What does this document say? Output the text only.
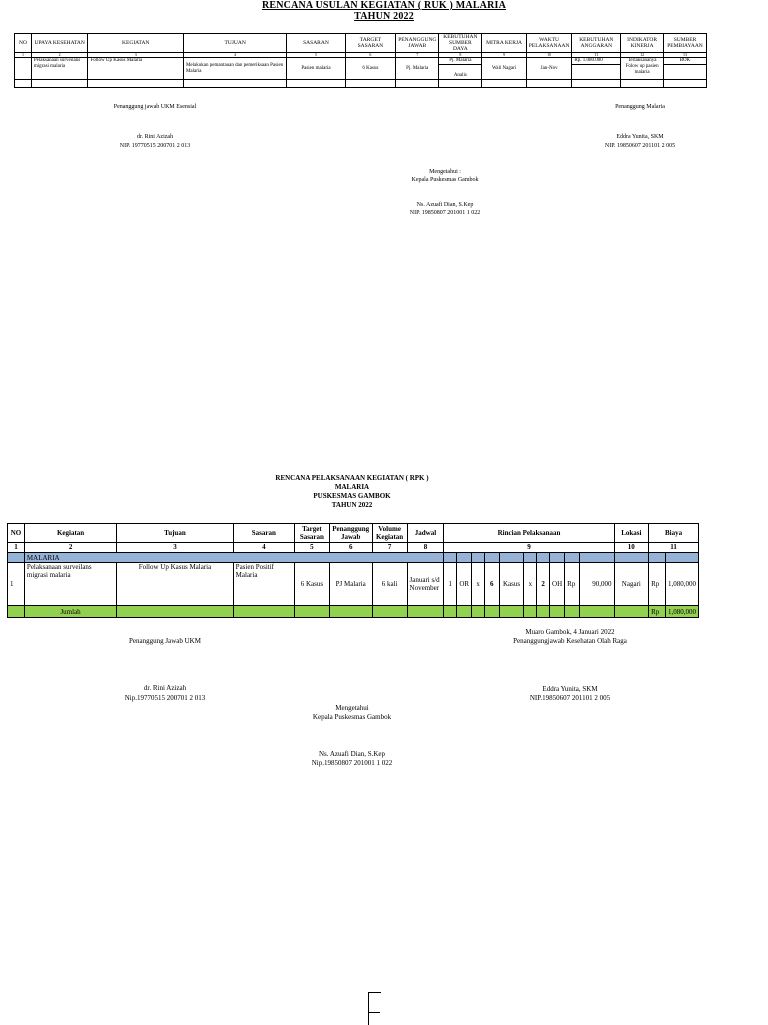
RENCANA USULAN KEGIATAN ( RUK ) MALARIA
TAHUN 2022
NO	UPAYA KESEHATAN	KEGIATAN	TUJUAN	SASARAN	TARGET SASARAN	PENANGGUNG JAWAB	KEBUTUHAN SUMBER DAYA	MITRA KERJA	WAKTU PELAKSANAAN	KEBUTUHAN ANGGARAN	INDIKATOR KINERJA	SUMBER PEMBIAYAAN
1	2	3	4	5	6	7	8	9	10	11	12	13
	Pelaksanaan surveilans migrasi malaria	Follow Up Kasus Malaria	Melakukan pemantauan dan pemeriksaan Pasien Malaria	Pasien malaria	6 Kasus	Pj. Malaria	Pj. Malaria	Wali Nagari	Jan-Nov	Rp. 1.080.000	Terlaksananya Folow up pasien malaria	BOK
							Analis					

Penanggung jawab UKM Esensial
dr. Rini Azizah
NIP. 19770515 200701 2 013
Penanggung Malaria
Eddra Yunita, SKM
NIP. 19850607 201101 2 005
Mengetahui :
Kepala Puskesmas Gambok
Ns. Azuafi Dian, S.Kep
NIP. 19850807 201001 1 022
RENCANA PELAKSANAAN KEGIATAN ( RPK )
MALARIA
PUSKESMAS GAMBOK
TAHUN 2022
NO	Kegiatan	Tujuan	Sasaran	Target Sasaran	Penanggung Jawab	Volume Kegiatan	Jadwal	Rincian Pelaksanaan										Lokasi	Biaya	
1	2	3	4	5	6	7	8	9										10	11	
	MALARIA																			
1	Pelaksanaan surveilans migrasi malaria	Follow Up Kasus Malaria	Pasien Positif Malaria	6 Kasus	PJ Malaria	6 kali	Januari s/d November	1	OR	x	6	Kasus	x	2	OH	Rp	90,000	Nagari	Rp	1,080,000
	Jumlah																		Rp	1,080,000
Penanggung Jawab UKM
dr. Rini Azizah
Nip.19770515 200701 2 013
Muaro Gambok, 4 Januari 2022
Penanggungjawab Kesehatan Olah Raga
Eddra Yunita, SKM
NIP.19850607 201101 2 005
Mengetahui
Kepala Puskesmas Gambok
Ns. Azuafi Dian, S.Kep
Nip.19850807 201001 1 022
